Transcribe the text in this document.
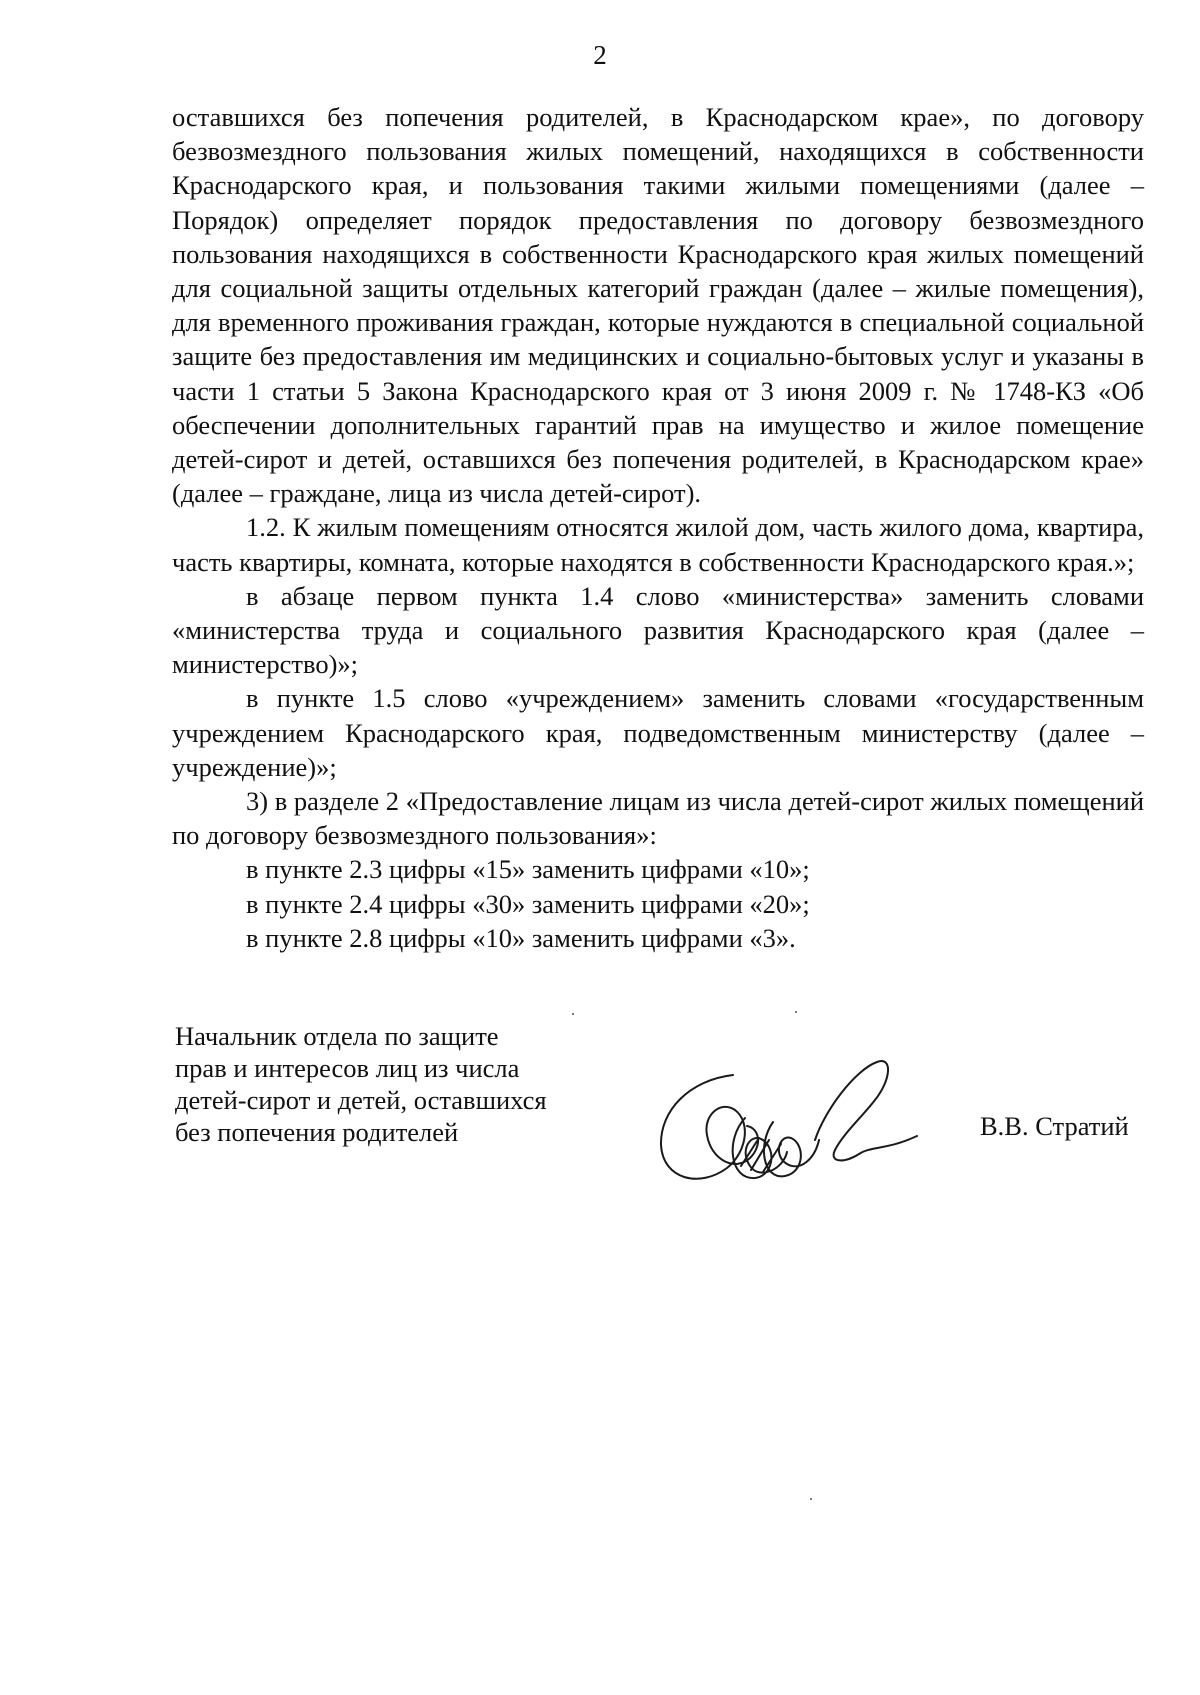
2

оставшихся без попечения родителей, в Краснодарском крае», по договору безвозмездного пользования жилых помещений, находящихся в собственности Краснодарского края, и пользования такими жилыми помещениями (далее – Порядок) определяет порядок предоставления по договору безвозмездного пользования находящихся в собственности Краснодарского края жилых помещений для социальной защиты отдельных категорий граждан (далее – жилые помещения), для временного проживания граждан, которые нуждаются в специальной социальной защите без предоставления им медицинских и социально-бытовых услуг и указаны в части 1 статьи 5 Закона Краснодарского края от 3 июня 2009 г. № 1748-КЗ «Об обеспечении дополнительных гарантий прав на имущество и жилое помещение детей-сирот и детей, оставшихся без попечения родителей, в Краснодарском крае» (далее – граждане, лица из числа детей-сирот).

1.2. К жилым помещениям относятся жилой дом, часть жилого дома, квартира, часть квартиры, комната, которые находятся в собственности Краснодарского края.»;

в абзаце первом пункта 1.4 слово «министерства» заменить словами «министерства труда и социального развития Краснодарского края (далее – министерство)»;

в пункте 1.5 слово «учреждением» заменить словами «государственным учреждением Краснодарского края, подведомственным министерству (далее – учреждение)»;

3) в разделе 2 «Предоставление лицам из числа детей-сирот жилых помещений по договору безвозмездного пользования»:

в пункте 2.3 цифры «15» заменить цифрами «10»;

в пункте 2.4 цифры «30» заменить цифрами «20»;

в пункте 2.8 цифры «10» заменить цифрами «3».

Начальник отдела по защите
прав и интересов лиц из числа
детей-сирот и детей, оставшихся
без попечения родителей	В.В. Стратий
